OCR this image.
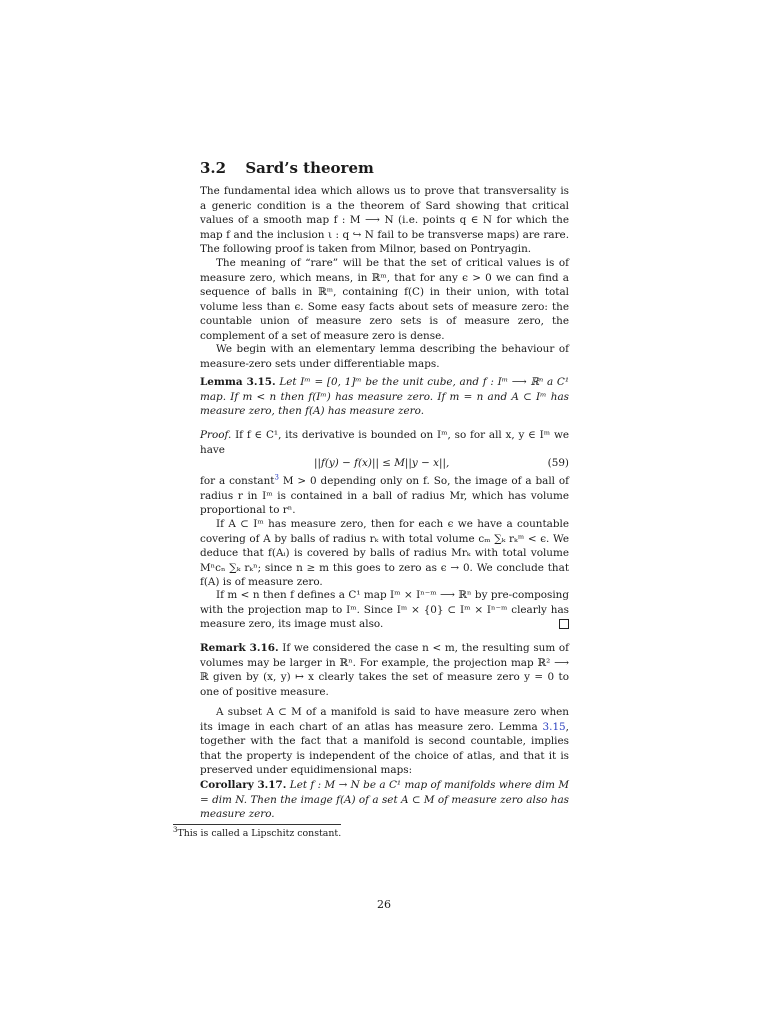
3.2 Sard’s theorem
The fundamental idea which allows us to prove that transversality is a generic condition is a the theorem of Sard showing that critical values of a smooth map f : M ⟶ N (i.e. points q ∈ N for which the map f and the inclusion ι : q ↪ N fail to be transverse maps) are rare. The following proof is taken from Milnor, based on Pontryagin.
The meaning of “rare” will be that the set of critical values is of measure zero, which means, in ℝᵐ, that for any ϵ > 0 we can find a sequence of balls in ℝᵐ, containing f(C) in their union, with total volume less than ϵ. Some easy facts about sets of measure zero: the countable union of measure zero sets is of measure zero, the complement of a set of measure zero is dense.
We begin with an elementary lemma describing the behaviour of measure-zero sets under differentiable maps.
Lemma 3.15. Let Iᵐ = [0, 1]ᵐ be the unit cube, and f : Iᵐ ⟶ ℝⁿ a C¹ map. If m < n then f(Iᵐ) has measure zero. If m = n and A ⊂ Iᵐ has measure zero, then f(A) has measure zero.
Proof. If f ∈ C¹, its derivative is bounded on Iᵐ, so for all x, y ∈ Iᵐ we have
||f(y) − f(x)|| ≤ M||y − x||,	(59)
for a constant$^3$ M > 0 depending only on f. So, the image of a ball of radius r in Iᵐ is contained in a ball of radius Mr, which has volume proportional to rⁿ.
If A ⊂ Iᵐ has measure zero, then for each ϵ we have a countable covering of A by balls of radius rₖ with total volume cₘ ∑ₖ rₖᵐ < ϵ. We deduce that f(Aᵢ) is covered by balls of radius Mrₖ with total volume Mⁿcₙ ∑ₖ rₖⁿ; since n ≥ m this goes to zero as ϵ → 0. We conclude that f(A) is of measure zero.
If m < n then f defines a C¹ map Iᵐ × Iⁿ⁻ᵐ ⟶ ℝⁿ by pre-composing with the projection map to Iᵐ. Since Iᵐ × {0} ⊂ Iᵐ × Iⁿ⁻ᵐ clearly has measure zero, its image must also.
Remark 3.16. If we considered the case n < m, the resulting sum of volumes may be larger in ℝⁿ. For example, the projection map ℝ² ⟶ ℝ given by (x, y) ↦ x clearly takes the set of measure zero y = 0 to one of positive measure.
A subset A ⊂ M of a manifold is said to have measure zero when its image in each chart of an atlas has measure zero. Lemma 3.15, together with the fact that a manifold is second countable, implies that the property is independent of the choice of atlas, and that it is preserved under equidimensional maps:
Corollary 3.17. Let f : M → N be a C¹ map of manifolds where dim M = dim N. Then the image f(A) of a set A ⊂ M of measure zero also has measure zero.
$^3$This is called a Lipschitz constant.
26
